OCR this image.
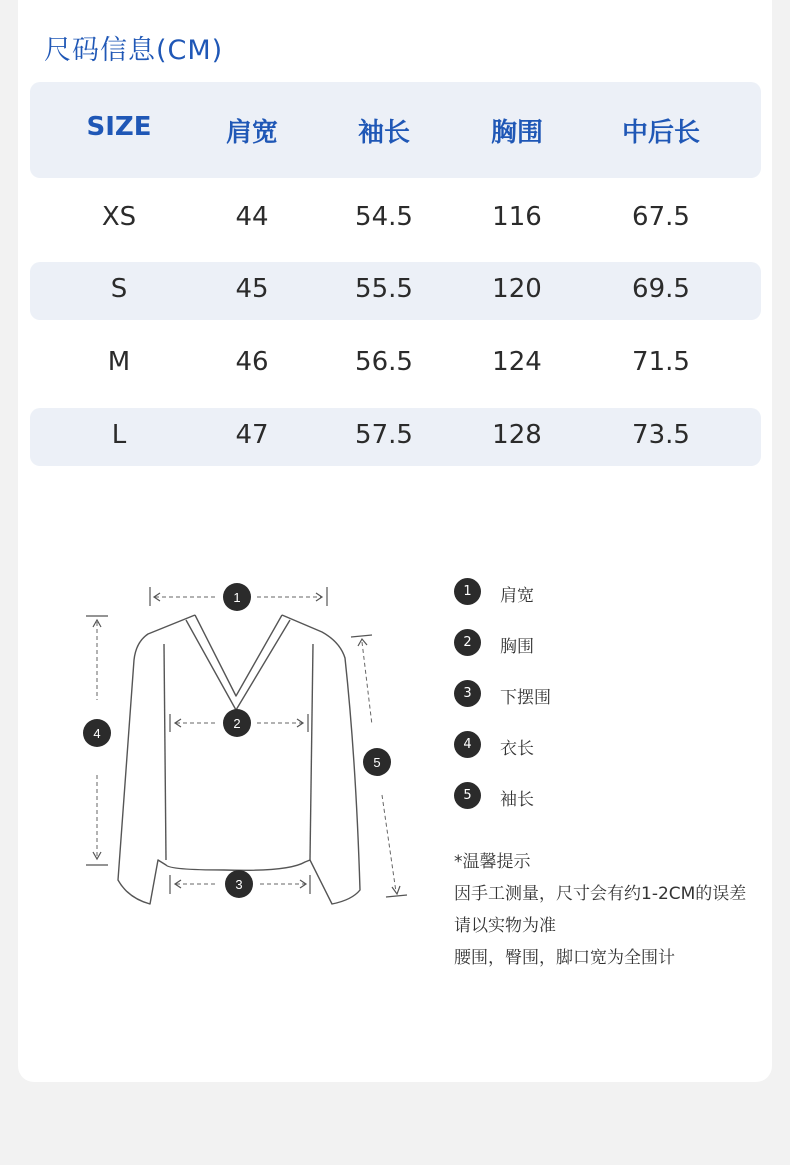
尺码信息(CM)
SIZE	肩宽	袖长	胸围	中后长
XS	44	54.5	116	67.5
S	45	55.5	120	69.5
M	46	56.5	124	71.5
L	47	57.5	128	73.5
1
2
3
4
5
1	肩宽
2	胸围
3	下摆围
4	衣长
5	袖长
*温馨提示
因手工测量，尺寸会有约1-2CM的误差
请以实物为准
腰围，臀围，脚口宽为全围计
